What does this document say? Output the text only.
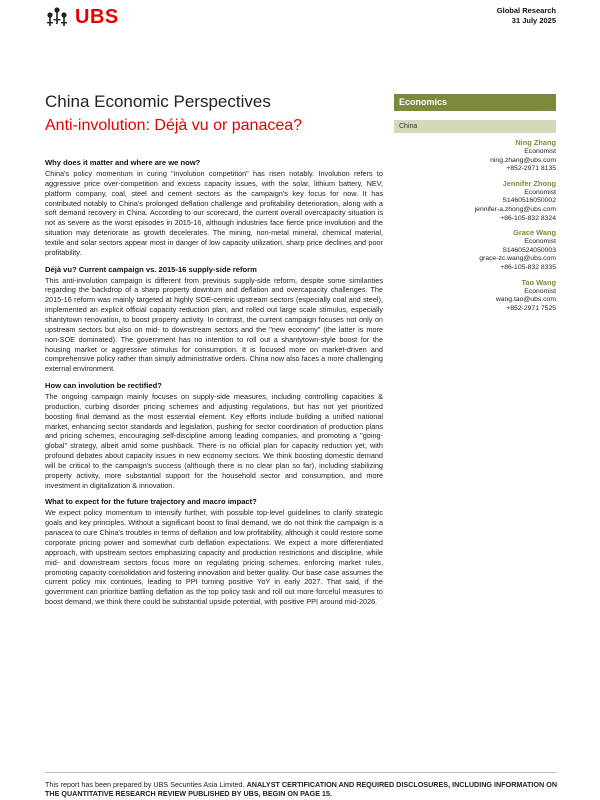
UBS	Global Research
31 July 2025
China Economic Perspectives
Anti-involution: Déjà vu or panacea?
Economics
China
Ning Zhang
Economist
ning.zhang@ubs.com
+852-2971 8135
Jennifer Zhong
Economist
S1460516050002
jennifer-a.zhong@ubs.com
+86-105-832 8324
Grace Wang
Economist
S1460524050003
grace-zc.wang@ubs.com
+86-105-832 8335
Tao Wang
Economist
wang.tao@ubs.com
+852-2971 7525
Why does it matter and where are we now?

China's policy momentum in curing "involution competition" has risen notably. Involution refers to aggressive price over-competition and excess capacity issues, with the solar, lithium battery, NEV, platform company, coal, steel and cement sectors as the campaign's key focus for now. It has contributed notably to China's prolonged deflation challenge and profitability deterioration, along with a soft demand recovery in China. According to our scorecard, the current overall overcapacity situation is not as severe as the worst episodes in 2015-16, although industries face fierce price involution and the situation may deteriorate as growth decelerates. The mining, non-metal mineral, chemical material, textile and solar sectors appear most in danger of low capacity utilization, sharp price declines and poor profitability.

Déjà vu? Current campaign vs. 2015-16 supply-side reform

This anti-involution campaign is different from previous supply-side reform, despite some similarities regarding the backdrop of a sharp property downturn and deflation and overcapacity challenges. The 2015-16 reform was mainly targeted at highly SOE-centric upstream sectors (especially coal and steel), implemented an explicit official capacity reduction plan, and rolled out large scale stimulus, especially shantytown renovation, to boost property activity. In contrast, the current campaign focuses not only on upstream sectors but also on mid- to downstream sectors and the "new economy" (the latter is more non-SOE dominated). The government has no intention to roll out a shantytown-style boost for the housing market or aggressive stimulus for consumption. It is focused more on market-driven and comprehensive policy rather than simply administrative orders. China now also faces a more challenging external environment.

How can involution be rectified?

The ongoing campaign mainly focuses on supply-side measures, including controlling capacities & production, curbing disorder pricing schemes and adjusting regulations, but has not yet prioritized boosting final demand as the most essential element. Key efforts include building a unified national market, enhancing sector standards and legislation, pushing for sector coordination of production plans and pricing schemes, encouraging self-discipline among leading companies, and promoting a "going-global" strategy, albeit amid some pushback. There is no official plan for capacity reduction yet, with profound debates about capacity issues in new economy sectors. We think boosting domestic demand will be critical to the campaign's success (although there is no clear plan so far), including stabilizing property activity, more substantial support for the household sector and consumption, and more investment in digitalization & innovation.

What to expect for the future trajectory and macro impact?

We expect policy momentum to intensify further, with possible top-level guidelines to clarify strategic goals and key principles. Without a significant boost to final demand, we do not think the campaign is a panacea to cure China's troubles in terms of deflation and low profitability, although it could restore some corporate pricing power and somewhat curb deflation expectations. We expect a more differentiated approach, with upstream sectors emphasizing capacity and production restrictions and discipline, while mid- and downstream sectors focus more on regulating pricing schemes, enforcing market rules, promoting capacity consolidation and fostering innovation and better quality. Our base case assumes the current policy mix continues, leading to PPI turning positive YoY in early 2027. That said, if the government can prioritize battling deflation as the top policy task and roll out more forceful measures to boost demand, we think there could be substantial upside potential, with positive PPI around mid-2026.

This report has been prepared by UBS Securities Asia Limited. ANALYST CERTIFICATION AND REQUIRED DISCLOSURES, INCLUDING INFORMATION ON THE QUANTITATIVE RESEARCH REVIEW PUBLISHED BY UBS, BEGIN ON PAGE 15.
